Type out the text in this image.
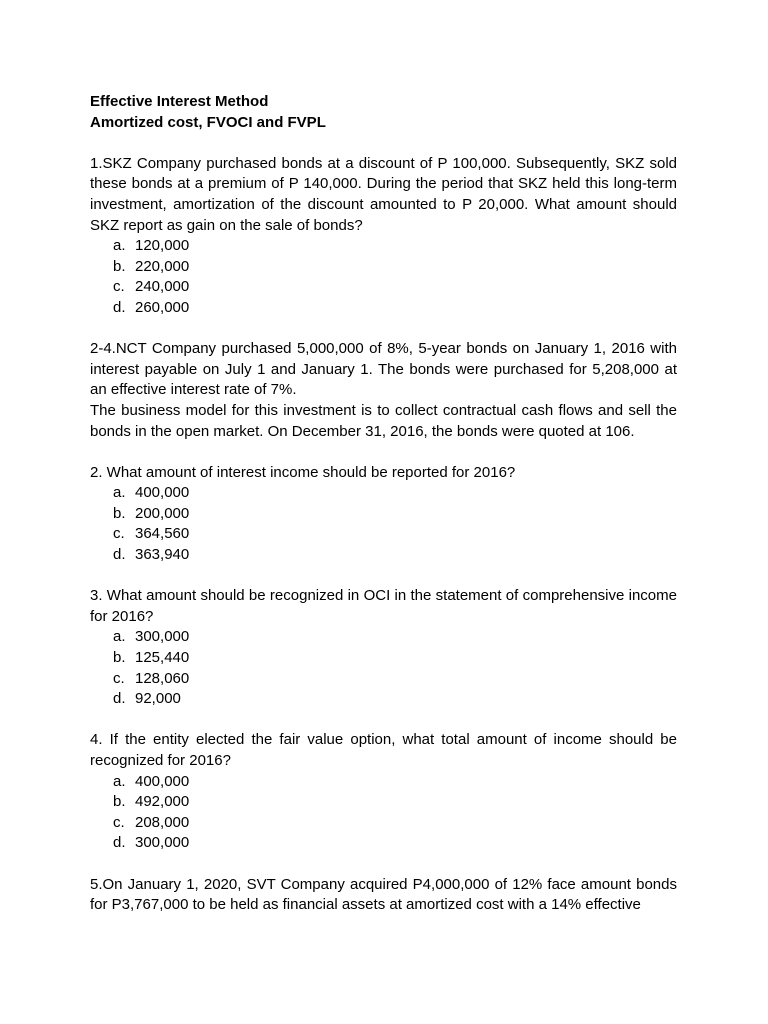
Effective Interest Method
Amortized cost, FVOCI and FVPL

1.SKZ Company purchased bonds at a discount of P 100,000. Subsequently, SKZ sold these bonds at a premium of P 140,000. During the period that SKZ held this long-term investment, amortization of the discount amounted to P 20,000. What amount should SKZ report as gain on the sale of bonds?

a. 120,000
b. 220,000
c. 240,000
d. 260,000

2-4.NCT Company purchased 5,000,000 of 8%, 5-year bonds on January 1, 2016 with interest payable on July 1 and January 1. The bonds were purchased for 5,208,000 at an effective interest rate of 7%.

The business model for this investment is to collect contractual cash flows and sell the bonds in the open market. On December 31, 2016, the bonds were quoted at 106.

2. What amount of interest income should be reported for 2016?

a. 400,000
b. 200,000
c. 364,560
d. 363,940

3. What amount should be recognized in OCI in the statement of comprehensive income for 2016?

a. 300,000
b. 125,440
c. 128,060
d. 92,000

4. If the entity elected the fair value option, what total amount of income should be recognized for 2016?

a. 400,000
b. 492,000
c. 208,000
d. 300,000

5.On January 1, 2020, SVT Company acquired P4,000,000 of 12% face amount bonds for P3,767,000 to be held as financial assets at amortized cost with a 14% effective
